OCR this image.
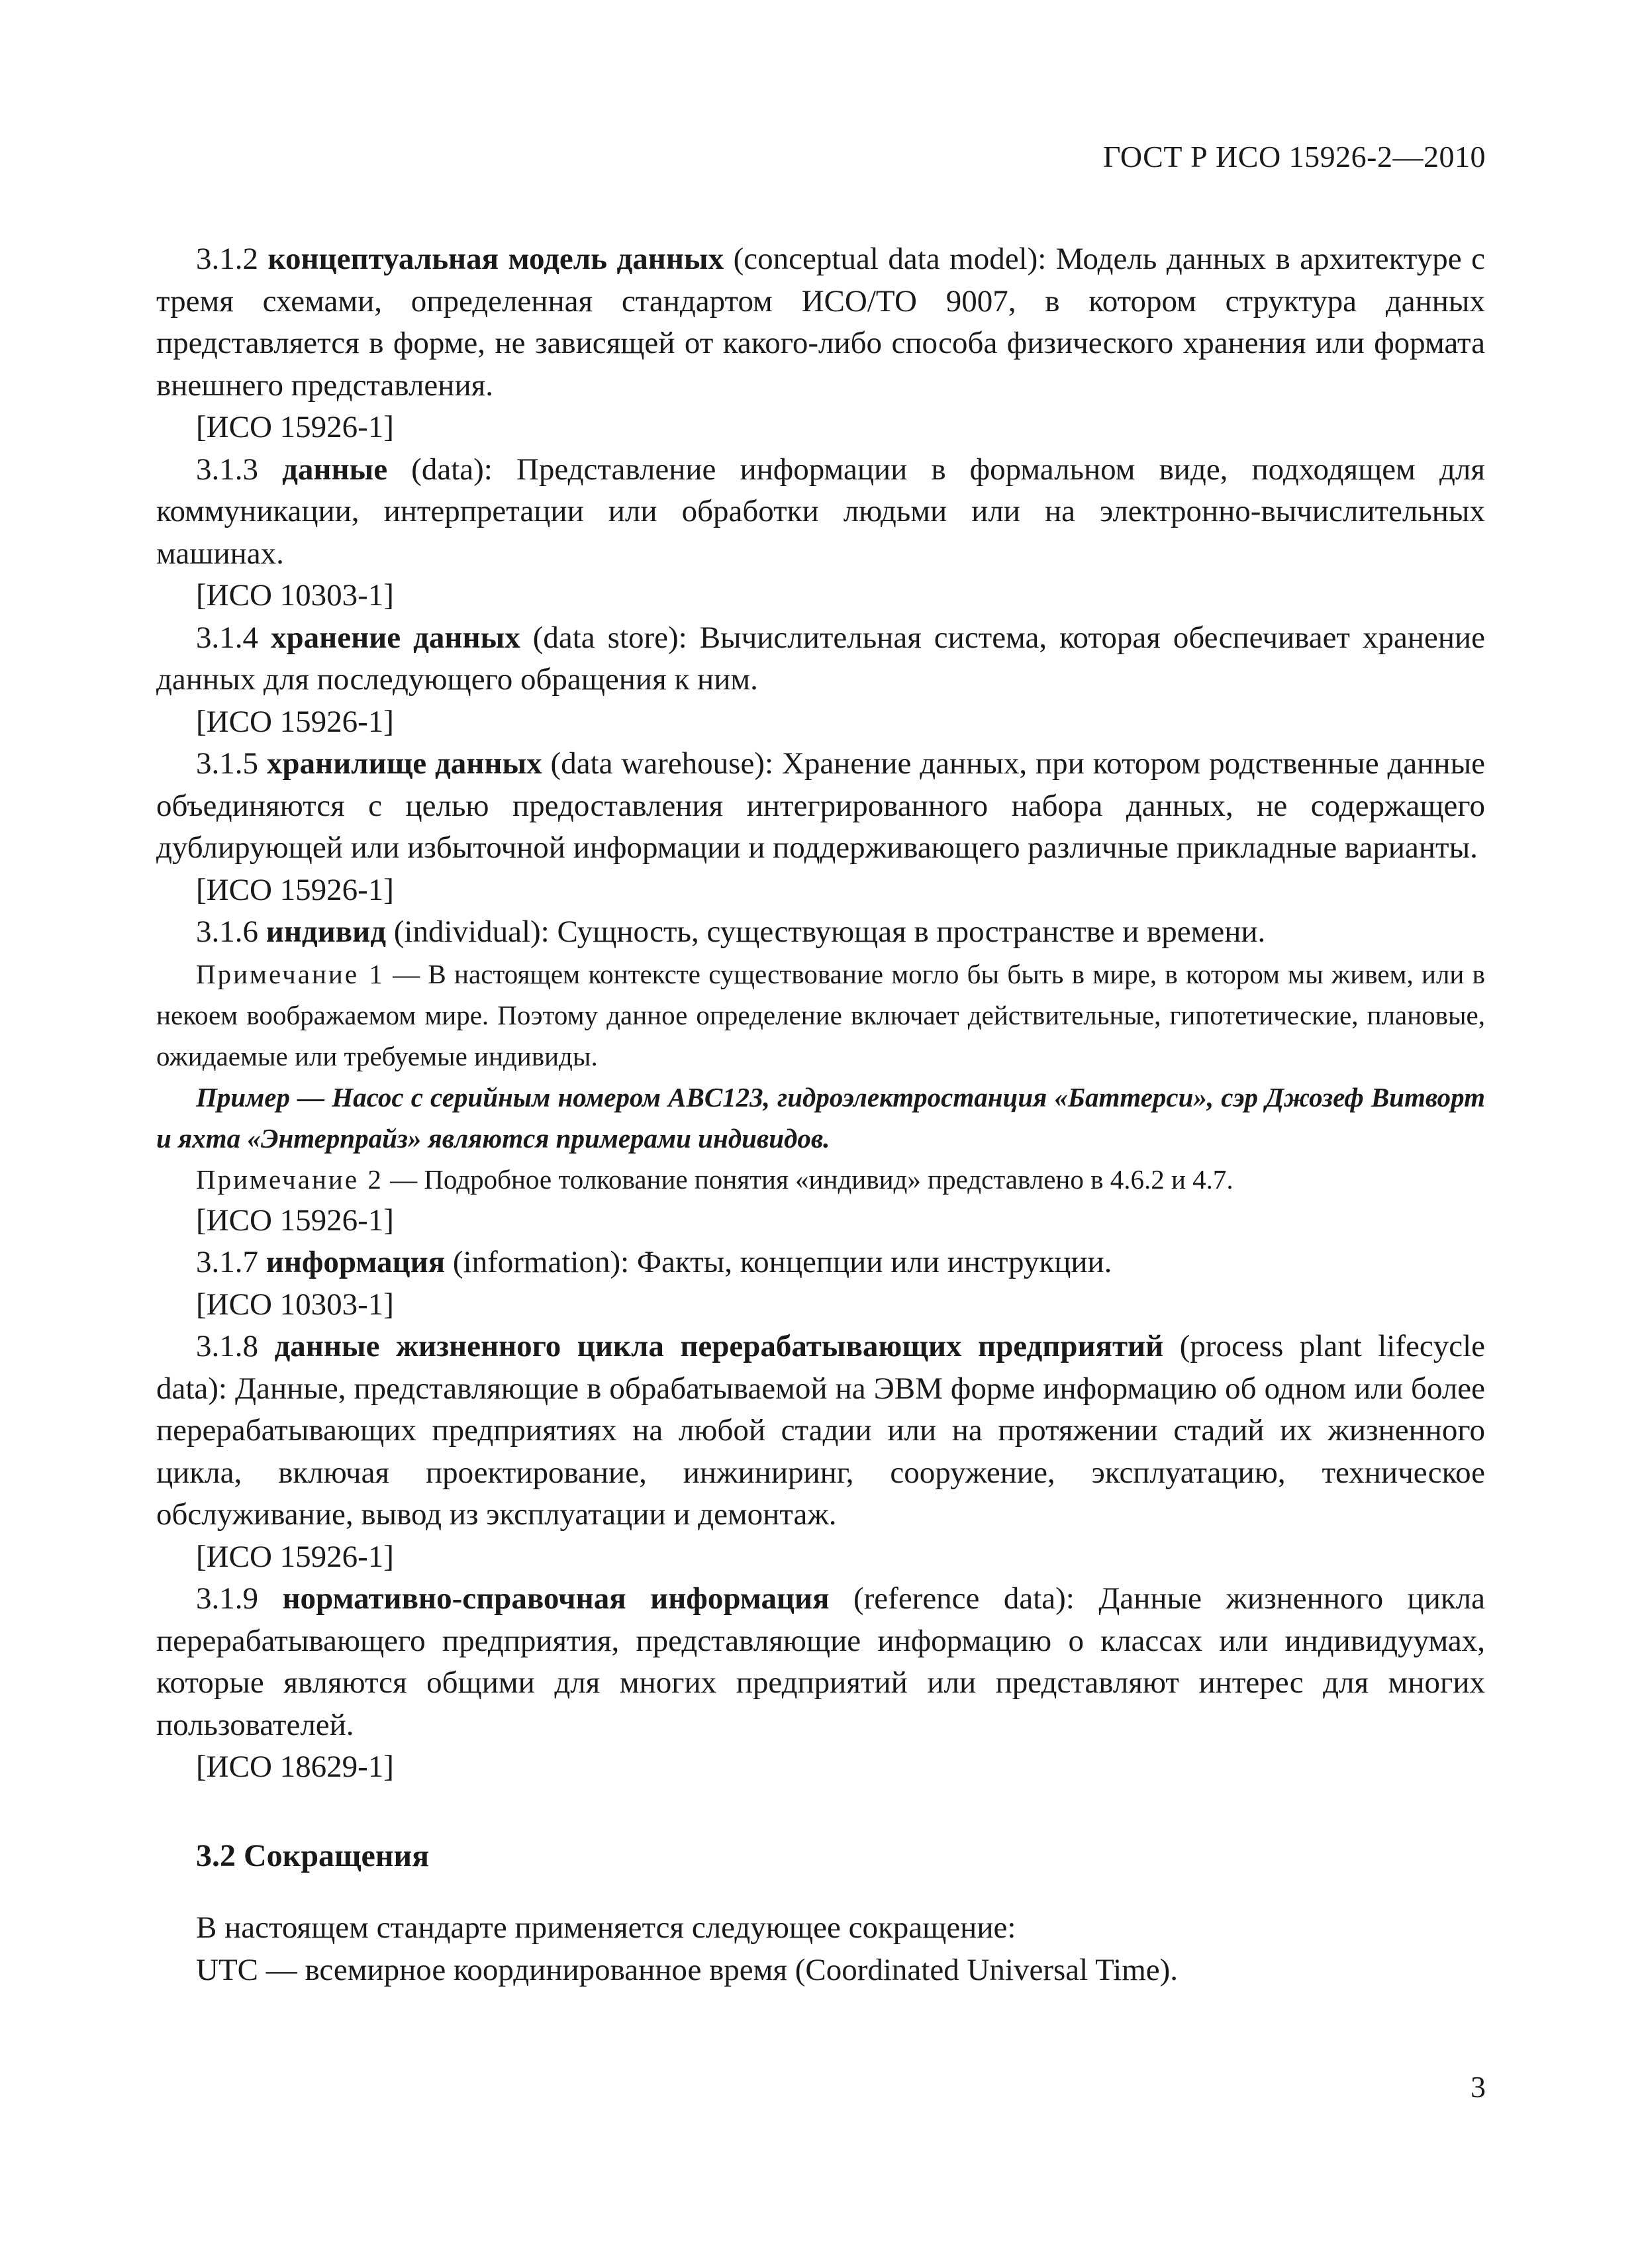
ГОСТ Р ИСО 15926-2—2010

3.1.2 концептуальная модель данных (conceptual data model): Модель данных в архитектуре с тремя схемами, определенная стандартом ИСО/ТО 9007, в котором структура данных представляется в форме, не зависящей от какого-либо способа физического хранения или формата внешнего представления.

[ИСО 15926-1]

3.1.3 данные (data): Представление информации в формальном виде, подходящем для коммуникации, интерпретации или обработки людьми или на электронно-вычислительных машинах.

[ИСО 10303-1]

3.1.4 хранение данных (data store): Вычислительная система, которая обеспечивает хранение данных для последующего обращения к ним.

[ИСО 15926-1]

3.1.5 хранилище данных (data warehouse): Хранение данных, при котором родственные данные объединяются с целью предоставления интегрированного набора данных, не содержащего дублирующей или избыточной информации и поддерживающего различные прикладные варианты.

[ИСО 15926-1]

3.1.6 индивид (individual): Сущность, существующая в пространстве и времени.

Примечание 1 — В настоящем контексте существование могло бы быть в мире, в котором мы живем, или в некоем воображаемом мире. Поэтому данное определение включает действительные, гипотетические, плановые, ожидаемые или требуемые индивиды.

Пример — Насос с серийным номером ABC123, гидроэлектростанция «Баттерси», сэр Джозеф Витворт и яхта «Энтерпрайз» являются примерами индивидов.

Примечание 2 — Подробное толкование понятия «индивид» представлено в 4.6.2 и 4.7.

[ИСО 15926-1]

3.1.7 информация (information): Факты, концепции или инструкции.

[ИСО 10303-1]

3.1.8 данные жизненного цикла перерабатывающих предприятий (process plant lifecycle data): Данные, представляющие в обрабатываемой на ЭВМ форме информацию об одном или более перерабатывающих предприятиях на любой стадии или на протяжении стадий их жизненного цикла, включая проектирование, инжиниринг, сооружение, эксплуатацию, техническое обслуживание, вывод из эксплуатации и демонтаж.

[ИСО 15926-1]

3.1.9 нормативно-справочная информация (reference data): Данные жизненного цикла перерабатывающего предприятия, представляющие информацию о классах или индивидуумах, которые являются общими для многих предприятий или представляют интерес для многих пользователей.

[ИСО 18629-1]

3.2 Сокращения

В настоящем стандарте применяется следующее сокращение:

UTC — всемирное координированное время (Coordinated Universal Time).

3
